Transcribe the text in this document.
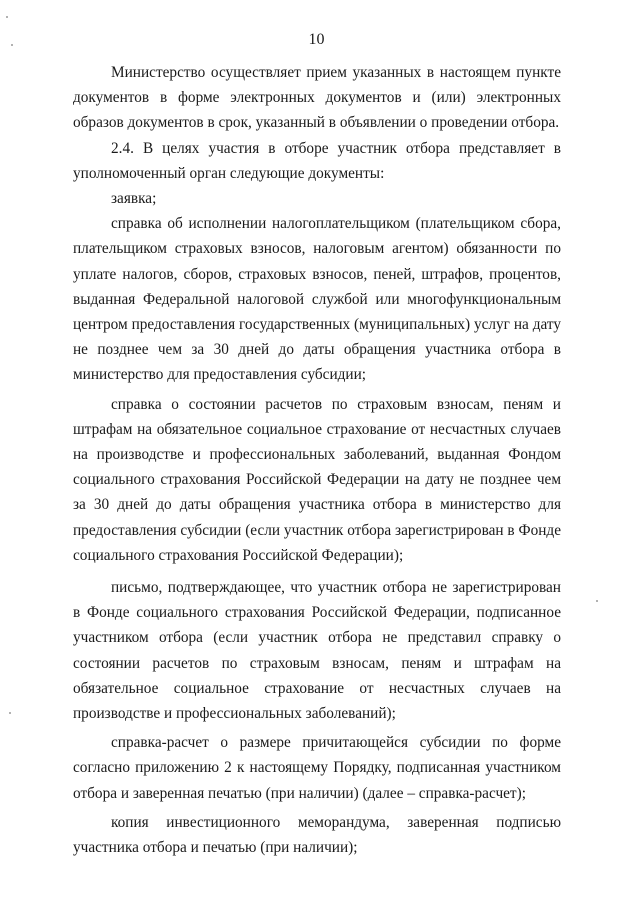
10

Министерство осуществляет прием указанных в настоящем пункте документов в форме электронных документов и (или) электронных образов документов в срок, указанный в объявлении о проведении отбора.

2.4. В целях участия в отборе участник отбора представляет в уполномоченный орган следующие документы:

заявка;

справка об исполнении налогоплательщиком (плательщиком сбора, плательщиком страховых взносов, налоговым агентом) обязанности по уплате налогов, сборов, страховых взносов, пеней, штрафов, процентов, выданная Федеральной налоговой службой или многофункциональным центром предоставления государственных (муниципальных) услуг на дату не позднее чем за 30 дней до даты обращения участника отбора в министерство для предоставления субсидии;

справка о состоянии расчетов по страховым взносам, пеням и штрафам на обязательное социальное страхование от несчастных случаев на производстве и профессиональных заболеваний, выданная Фондом социального страхования Российской Федерации на дату не позднее чем за 30 дней до даты обращения участника отбора в министерство для предоставления субсидии (если участник отбора зарегистрирован в Фонде социального страхования Российской Федерации);

письмо, подтверждающее, что участник отбора не зарегистрирован в Фонде социального страхования Российской Федерации, подписанное участником отбора (если участник отбора не представил справку о состоянии расчетов по страховым взносам, пеням и штрафам на обязательное социальное страхование от несчастных случаев на производстве и профессиональных заболеваний);

справка-расчет о размере причитающейся субсидии по форме согласно приложению 2 к настоящему Порядку, подписанная участником отбора и заверенная печатью (при наличии) (далее – справка-расчет);

копия инвестиционного меморандума, заверенная подписью участника отбора и печатью (при наличии);
